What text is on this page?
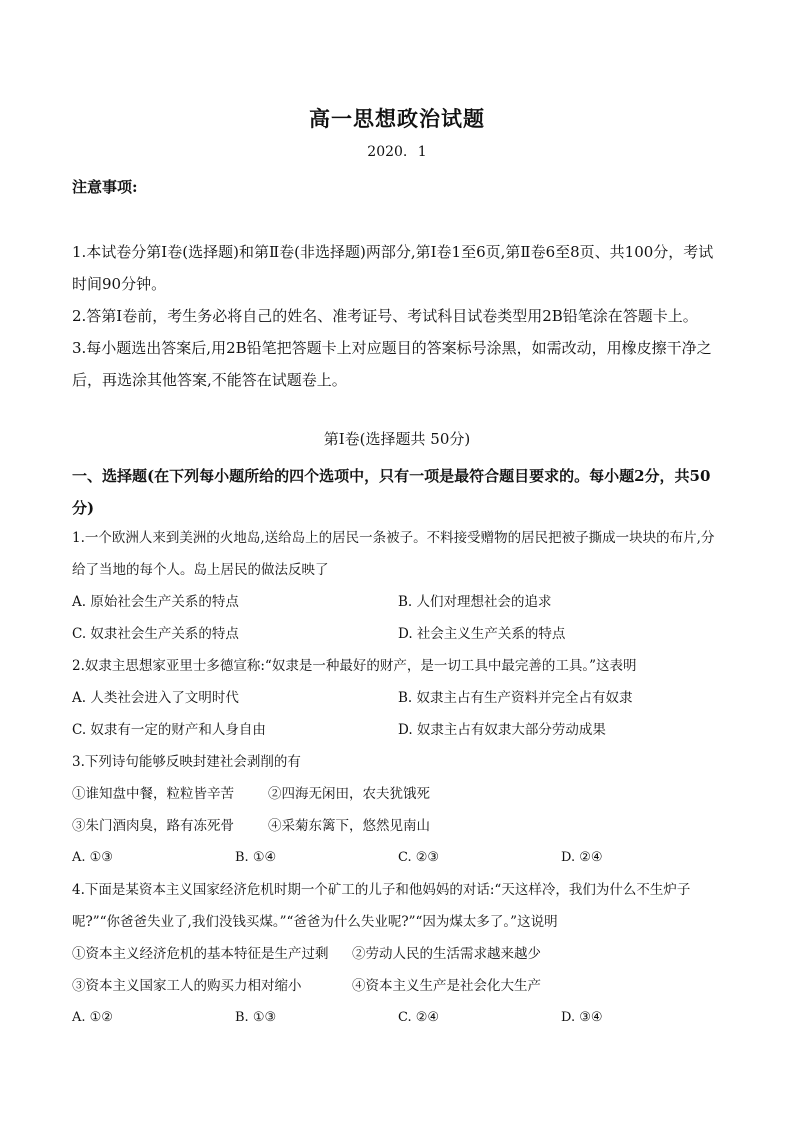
高一思想政治试题
2020. 1
注意事项:

1.本试卷分第Ⅰ卷(选择题)和第Ⅱ卷(非选择题)两部分,第Ⅰ卷1至6页,第Ⅱ卷6至8页、共100分，考试时间90分钟。

2.答第Ⅰ卷前，考生务必将自己的姓名、准考证号、考试科目试卷类型用2B铅笔涂在答题卡上。

3.每小题选出答案后,用2B铅笔把答题卡上对应题目的答案标号涂黑，如需改动，用橡皮擦干净之后，再选涂其他答案,不能答在试题卷上。

第Ⅰ卷(选择题共 50分)
一、选择题(在下列每小题所给的四个选项中，只有一项是最符合题目要求的。每小题2分，共50分)

1.一个欧洲人来到美洲的火地岛,送给岛上的居民一条被子。不料接受赠物的居民把被子撕成一块块的布片,分给了当地的每个人。岛上居民的做法反映了

A. 原始社会生产关系的特点	B. 人们对理想社会的追求
C. 奴隶社会生产关系的特点	D. 社会主义生产关系的特点

2.奴隶主思想家亚里士多德宣称:“奴隶是一种最好的财产，是一切工具中最完善的工具。”这表明

A. 人类社会进入了文明时代	B. 奴隶主占有生产资料并完全占有奴隶
C. 奴隶有一定的财产和人身自由	D. 奴隶主占有奴隶大部分劳动成果

3.下列诗句能够反映封建社会剥削的有

①谁知盘中餐，粒粒皆辛苦	②四海无闲田，农夫犹饿死
③朱门酒肉臭，路有冻死骨	④采菊东篱下，悠然见南山
A. ①③	B. ①④	C. ②③	D. ②④

4.下面是某资本主义国家经济危机时期一个矿工的儿子和他妈妈的对话:“天这样冷，我们为什么不生炉子呢?”“你爸爸失业了,我们没钱买煤。”“爸爸为什么失业呢?”“因为煤太多了。”这说明

①资本主义经济危机的基本特征是生产过剩	②劳动人民的生活需求越来越少
③资本主义国家工人的购买力相对缩小	④资本主义生产是社会化大生产
A. ①②	B. ①③	C. ②④	D. ③④
